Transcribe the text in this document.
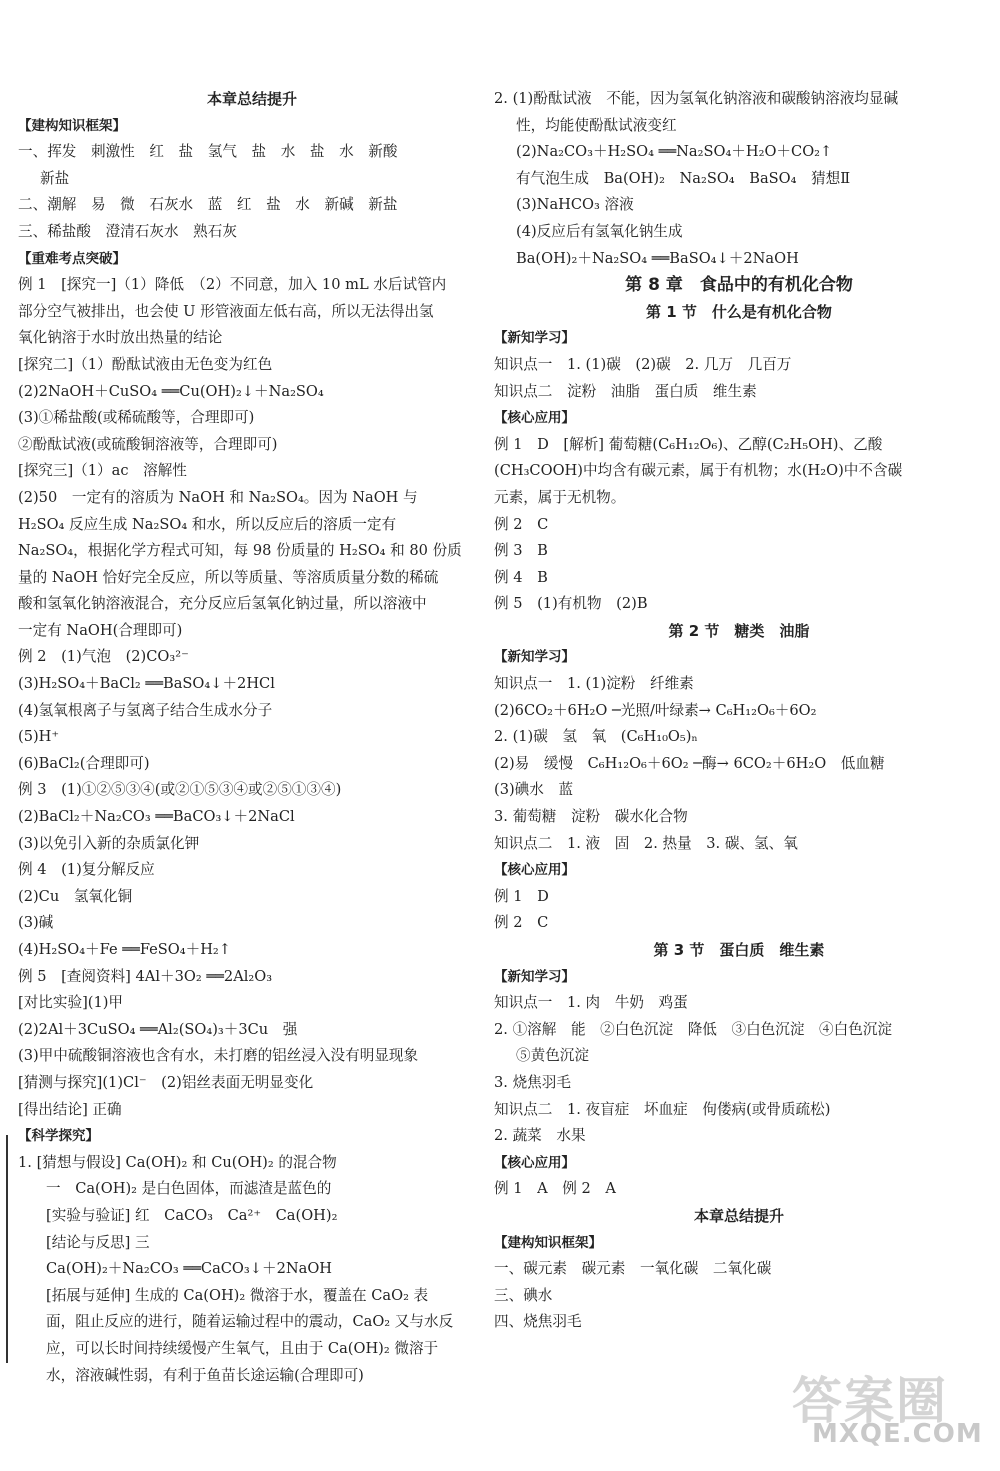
本章总结提升
【建构知识框架】
一、挥发　刺激性　红　盐　氢气　盐　水　盐　水　新酸
新盐
二、潮解　易　微　石灰水　蓝　红　盐　水　新碱　新盐
三、稀盐酸　澄清石灰水　熟石灰
【重难考点突破】
例 1　[探究一]（1）降低　（2）不同意，加入 10 mL 水后试管内
部分空气被排出，也会使 U 形管液面左低右高，所以无法得出氢
氧化钠溶于水时放出热量的结论
[探究二]（1）酚酞试液由无色变为红色
(2)2NaOH＋CuSO₄ ══Cu(OH)₂↓＋Na₂SO₄
(3)①稀盐酸(或稀硫酸等，合理即可)
②酚酞试液(或硫酸铜溶液等，合理即可)
[探究三]（1）ac　溶解性
(2)50　一定有的溶质为 NaOH 和 Na₂SO₄。因为 NaOH 与
H₂SO₄ 反应生成 Na₂SO₄ 和水，所以反应后的溶质一定有
Na₂SO₄，根据化学方程式可知，每 98 份质量的 H₂SO₄ 和 80 份质
量的 NaOH 恰好完全反应，所以等质量、等溶质质量分数的稀硫
酸和氢氧化钠溶液混合，充分反应后氢氧化钠过量，所以溶液中
一定有 NaOH(合理即可)
例 2　(1)气泡　(2)CO₃²⁻
(3)H₂SO₄＋BaCl₂ ══BaSO₄↓＋2HCl
(4)氢氧根离子与氢离子结合生成水分子
(5)H⁺
(6)BaCl₂(合理即可)
例 3　(1)①②⑤③④(或②①⑤③④或②⑤①③④)
(2)BaCl₂＋Na₂CO₃ ══BaCO₃↓＋2NaCl
(3)以免引入新的杂质氯化钾
例 4　(1)复分解反应
(2)Cu　氢氧化铜
(3)碱
(4)H₂SO₄＋Fe ══FeSO₄＋H₂↑
例 5　[查阅资料] 4Al＋3O₂ ══2Al₂O₃
[对比实验](1)甲
(2)2Al＋3CuSO₄ ══Al₂(SO₄)₃＋3Cu　强
(3)甲中硫酸铜溶液也含有水，未打磨的铝丝浸入没有明显现象
[猜测与探究](1)Cl⁻　(2)铝丝表面无明显变化
[得出结论] 正确
【科学探究】
1. [猜想与假设] Ca(OH)₂ 和 Cu(OH)₂ 的混合物
一　Ca(OH)₂ 是白色固体，而滤渣是蓝色的
[实验与验证] 红　CaCO₃　Ca²⁺　Ca(OH)₂
[结论与反思] 三
Ca(OH)₂＋Na₂CO₃ ══CaCO₃↓＋2NaOH
[拓展与延伸] 生成的 Ca(OH)₂ 微溶于水，覆盖在 CaO₂ 表
面，阻止反应的进行，随着运输过程中的震动，CaO₂ 又与水反
应，可以长时间持续缓慢产生氧气，且由于 Ca(OH)₂ 微溶于
水，溶液碱性弱，有利于鱼苗长途运输(合理即可)
2. (1)酚酞试液　不能，因为氢氧化钠溶液和碳酸钠溶液均显碱
性，均能使酚酞试液变红
(2)Na₂CO₃＋H₂SO₄ ══Na₂SO₄＋H₂O＋CO₂↑
有气泡生成　Ba(OH)₂　Na₂SO₄　BaSO₄　猜想Ⅱ
(3)NaHCO₃ 溶液
(4)反应后有氢氧化钠生成
Ba(OH)₂＋Na₂SO₄ ══BaSO₄↓＋2NaOH
第 8 章　食品中的有机化合物
第 1 节　什么是有机化合物
【新知学习】
知识点一　1. (1)碳　(2)碳　2. 几万　几百万
知识点二　淀粉　油脂　蛋白质　维生素
【核心应用】
例 1　D　[解析] 葡萄糖(C₆H₁₂O₆)、乙醇(C₂H₅OH)、乙酸
(CH₃COOH)中均含有碳元素，属于有机物；水(H₂O)中不含碳
元素，属于无机物。
例 2　C
例 3　B
例 4　B
例 5　(1)有机物　(2)B
第 2 节　糖类　油脂
【新知学习】
知识点一　1. (1)淀粉　纤维素
(2)6CO₂＋6H₂O ─光照/叶绿素→ C₆H₁₂O₆＋6O₂
2. (1)碳　氢　氧　(C₆H₁₀O₅)ₙ
(2)易　缓慢　C₆H₁₂O₆＋6O₂ ─酶→ 6CO₂＋6H₂O　低血糖
(3)碘水　蓝
3. 葡萄糖　淀粉　碳水化合物
知识点二　1. 液　固　2. 热量　3. 碳、氢、氧
【核心应用】
例 1　D
例 2　C
第 3 节　蛋白质　维生素
【新知学习】
知识点一　1. 肉　牛奶　鸡蛋
2. ①溶解　能　②白色沉淀　降低　③白色沉淀　④白色沉淀
⑤黄色沉淀
3. 烧焦羽毛
知识点二　1. 夜盲症　坏血症　佝偻病(或骨质疏松)
2. 蔬菜　水果
【核心应用】
例 1　A　例 2　A
本章总结提升
【建构知识框架】
一、碳元素　碳元素　一氧化碳　二氧化碳
三、碘水
四、烧焦羽毛
答案圈
MXQE.COM
